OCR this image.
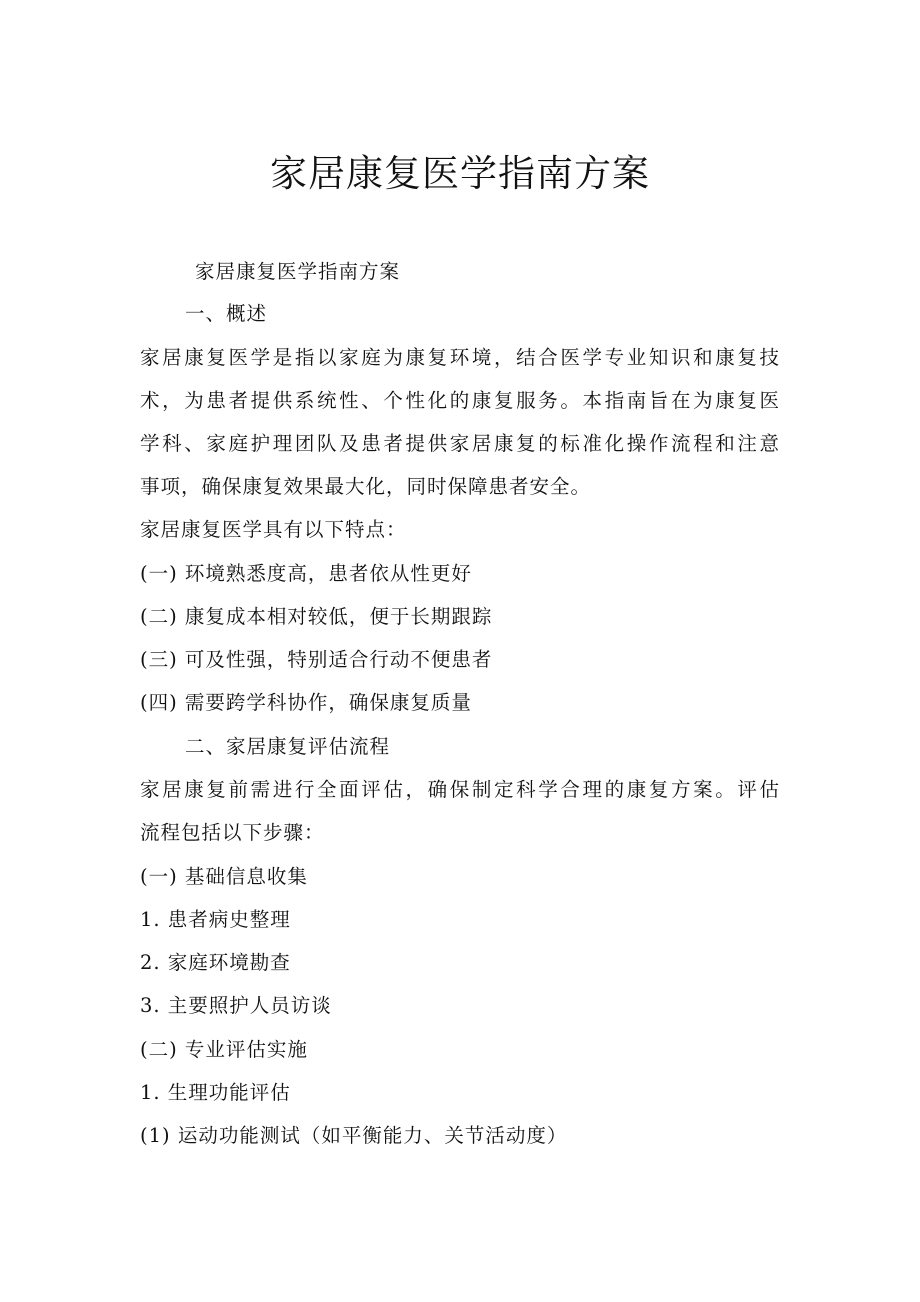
家居康复医学指南方案
家居康复医学指南方案
一、概述
家居康复医学是指以家庭为康复环境，结合医学专业知识和康复技
术，为患者提供系统性、个性化的康复服务。本指南旨在为康复医
学科、家庭护理团队及患者提供家居康复的标准化操作流程和注意
事项，确保康复效果最大化，同时保障患者安全。
家居康复医学具有以下特点：
(一) 环境熟悉度高，患者依从性更好
(二) 康复成本相对较低，便于长期跟踪
(三) 可及性强，特别适合行动不便患者
(四) 需要跨学科协作，确保康复质量
二、家居康复评估流程
家居康复前需进行全面评估，确保制定科学合理的康复方案。评估
流程包括以下步骤：
(一) 基础信息收集
1. 患者病史整理
2. 家庭环境勘查
3. 主要照护人员访谈
(二) 专业评估实施
1. 生理功能评估
(1) 运动功能测试（如平衡能力、关节活动度）
